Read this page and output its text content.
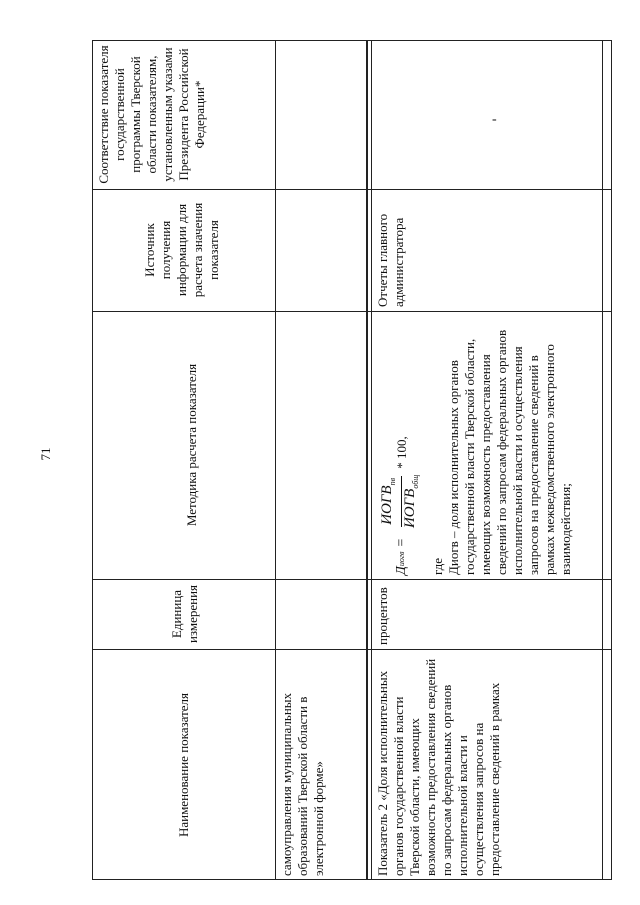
71
Наименование показателя
Единица измерения
Методика расчета показателя
Источник получения информации для расчета значения показателя
Соответствие показателя государственной программы Тверской области показателям, установленным указами Президента Российской Федерации*
самоуправления муниципальных образований Тверской области в электронной форме»	Показатель 2 «Доля исполнительных органов государственной власти Тверской области, имеющих возможность предоставления сведений по запросам федеральных органов исполнительной власти и осуществления запросов на предоставление сведений в рамках
процентов
Д
иогв
=
$ИОГВ_{пв}$
$ИОГВ_{общ}$
* 100,
где Диогв – доля исполнительных органов государственной власти Тверской области, имеющих возможность предоставления сведений по запросам федеральных органов исполнительной власти и осуществления запросов на предоставление сведений в рамках межведомственного электронного взаимодействия;
Отчеты главного администратора
-
